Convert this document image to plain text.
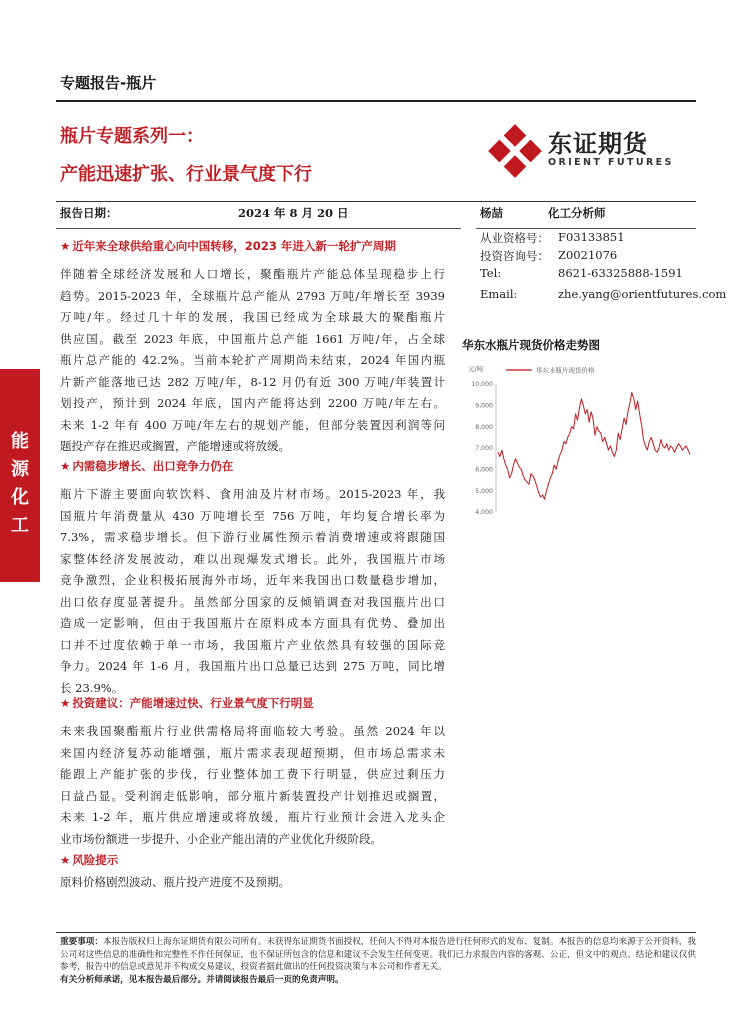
专题报告-瓶片
瓶片专题系列一：
产能迅速扩张、行业景气度下行
东证期货
ORIENT FUTURES
报告日期：	2024 年 8 月 20 日
能
源
化
工
★ 近年来全球供给重心向中国转移，2023 年进入新一轮扩产周期
伴随着全球经济发展和人口增长，聚酯瓶片产能总体呈现稳步上行
趋势。2015-2023 年，全球瓶片总产能从 2793 万吨/年增长至 3939
万吨/年。经过几十年的发展，我国已经成为全球最大的聚酯瓶片
供应国。截至 2023 年底，中国瓶片总产能 1661 万吨/年，占全球
瓶片总产能的 42.2%。当前本轮扩产周期尚未结束，2024 年国内瓶
片新产能落地已达 282 万吨/年，8-12 月仍有近 300 万吨/年装置计
划投产，预计到 2024 年底，国内产能将达到 2200 万吨/年左右。
未来 1-2 年有 400 万吨/年左右的规划产能，但部分装置因利润等问
题投产存在推迟或搁置，产能增速或将放缓。
★ 内需稳步增长、出口竞争力仍在
瓶片下游主要面向软饮料、食用油及片材市场。2015-2023 年，我
国瓶片年消费量从 430 万吨增长至 756 万吨，年均复合增长率为
7.3%，需求稳步增长。但下游行业属性预示着消费增速或将跟随国
家整体经济发展波动，难以出现爆发式增长。此外，我国瓶片市场
竞争激烈，企业积极拓展海外市场，近年来我国出口数量稳步增加，
出口依存度显著提升。虽然部分国家的反倾销调查对我国瓶片出口
造成一定影响，但由于我国瓶片在原料成本方面具有优势、叠加出
口并不过度依赖于单一市场，我国瓶片产业依然具有较强的国际竞
争力。2024 年 1-6 月，我国瓶片出口总量已达到 275 万吨，同比增
长 23.9%。
★ 投资建议：产能增速过快、行业景气度下行明显
未来我国聚酯瓶片行业供需格局将面临较大考验。虽然 2024 年以
来国内经济复苏动能增强，瓶片需求表现超预期，但市场总需求未
能跟上产能扩张的步伐，行业整体加工费下行明显，供应过剩压力
日益凸显。受利润走低影响，部分瓶片新装置投产计划推迟或搁置，
未来 1-2 年，瓶片供应增速或将放缓，瓶片行业预计会进入龙头企
业市场份额进一步提升、小企业产能出清的产业优化升级阶段。
★ 风险提示
原料价格剧烈波动、瓶片投产进度不及预期。
杨喆	化工分析师
从业资格号： F03133851
投资咨询号： Z0021076
Tel:	8621-63325888-1591
Email:	zhe.yang@orientfutures.com
华东水瓶片现货价格走势图
元/吨	华东水瓶片现货价格
10,000
9,000
8,000
7,000
6,000
5,000
4,000
重要事项：本报告版权归上海东证期货有限公司所有。未获得东证期货书面授权，任何人不得对本报告进行任何形式的发布、复制。本报告的信息均来源于公开资料，我公司对这些信息的准确性和完整性不作任何保证，也不保证所包含的信息和建议不会发生任何变更。我们已力求报告内容的客观、公正，但文中的观点、结论和建议仅供参考，报告中的信息或意见并不构成交易建议，投资者据此做出的任何投资决策与本公司和作者无关。
有关分析师承诺，见本报告最后部分。并请阅读报告最后一页的免责声明。
